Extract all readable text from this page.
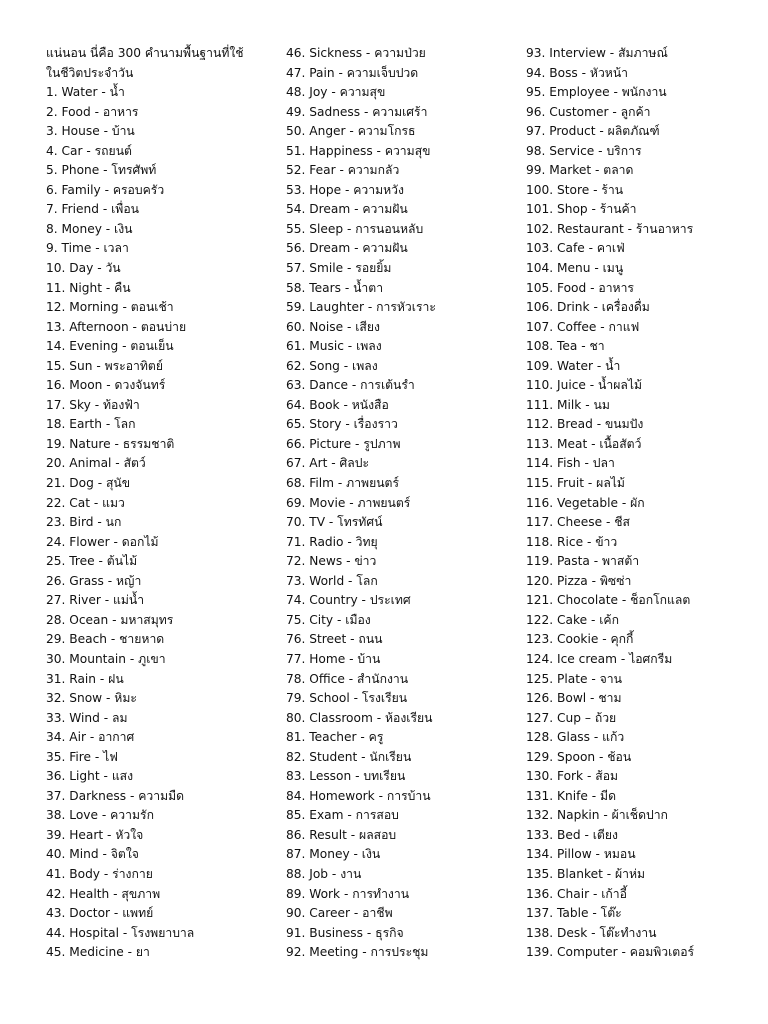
แน่นอน นี่คือ 300 คำนามพื้นฐานที่ใช้
ในชีวิตประจำวัน
1. Water - น้ำ
2. Food - อาหาร
3. House - บ้าน
4. Car - รถยนต์
5. Phone - โทรศัพท์
6. Family - ครอบครัว
7. Friend - เพื่อน
8. Money - เงิน
9. Time - เวลา
10. Day - วัน
11. Night - คืน
12. Morning - ตอนเช้า
13. Afternoon - ตอนบ่าย
14. Evening - ตอนเย็น
15. Sun - พระอาทิตย์
16. Moon - ดวงจันทร์
17. Sky - ท้องฟ้า
18. Earth - โลก
19. Nature - ธรรมชาติ
20. Animal - สัตว์
21. Dog - สุนัข
22. Cat - แมว
23. Bird - นก
24. Flower - ดอกไม้
25. Tree - ต้นไม้
26. Grass - หญ้า
27. River - แม่น้ำ
28. Ocean - มหาสมุทร
29. Beach - ชายหาด
30. Mountain - ภูเขา
31. Rain - ฝน
32. Snow - หิมะ
33. Wind - ลม
34. Air - อากาศ
35. Fire - ไฟ
36. Light - แสง
37. Darkness - ความมืด
38. Love - ความรัก
39. Heart - หัวใจ
40. Mind - จิตใจ
41. Body - ร่างกาย
42. Health - สุขภาพ
43. Doctor - แพทย์
44. Hospital - โรงพยาบาล
45. Medicine - ยา
46. Sickness - ความป่วย
47. Pain - ความเจ็บปวด
48. Joy - ความสุข
49. Sadness - ความเศร้า
50. Anger - ความโกรธ
51. Happiness - ความสุข
52. Fear - ความกลัว
53. Hope - ความหวัง
54. Dream - ความฝัน
55. Sleep - การนอนหลับ
56. Dream - ความฝัน
57. Smile - รอยยิ้ม
58. Tears - น้ำตา
59. Laughter - การหัวเราะ
60. Noise - เสียง
61. Music - เพลง
62. Song - เพลง
63. Dance - การเต้นรำ
64. Book - หนังสือ
65. Story - เรื่องราว
66. Picture - รูปภาพ
67. Art - ศิลปะ
68. Film - ภาพยนตร์
69. Movie - ภาพยนตร์
70. TV - โทรทัศน์
71. Radio - วิทยุ
72. News - ข่าว
73. World - โลก
74. Country - ประเทศ
75. City - เมือง
76. Street - ถนน
77. Home - บ้าน
78. Office - สำนักงาน
79. School - โรงเรียน
80. Classroom - ห้องเรียน
81. Teacher - ครู
82. Student - นักเรียน
83. Lesson - บทเรียน
84. Homework - การบ้าน
85. Exam - การสอบ
86. Result - ผลสอบ
87. Money - เงิน
88. Job - งาน
89. Work - การทำงาน
90. Career - อาชีพ
91. Business - ธุรกิจ
92. Meeting - การประชุม
93. Interview - สัมภาษณ์
94. Boss - หัวหน้า
95. Employee - พนักงาน
96. Customer - ลูกค้า
97. Product - ผลิตภัณฑ์
98. Service - บริการ
99. Market - ตลาด
100. Store - ร้าน
101. Shop - ร้านค้า
102. Restaurant - ร้านอาหาร
103. Cafe - คาเฟ่
104. Menu - เมนู
105. Food - อาหาร
106. Drink - เครื่องดื่ม
107. Coffee - กาแฟ
108. Tea - ชา
109. Water - น้ำ
110. Juice - น้ำผลไม้
111. Milk - นม
112. Bread - ขนมปัง
113. Meat - เนื้อสัตว์
114. Fish - ปลา
115. Fruit - ผลไม้
116. Vegetable - ผัก
117. Cheese - ชีส
118. Rice - ข้าว
119. Pasta - พาสต้า
120. Pizza - พิซซ่า
121. Chocolate - ช็อกโกแลต
122. Cake - เค้ก
123. Cookie - คุกกี้
124. Ice cream - ไอศกรีม
125. Plate - จาน
126. Bowl - ชาม
127. Cup – ถ้วย
128. Glass - แก้ว
129. Spoon - ช้อน
130. Fork - ส้อม
131. Knife - มีด
132. Napkin - ผ้าเช็ดปาก
133. Bed - เตียง
134. Pillow - หมอน
135. Blanket - ผ้าห่ม
136. Chair - เก้าอี้
137. Table - โต๊ะ
138. Desk - โต๊ะทำงาน
139. Computer - คอมพิวเตอร์
